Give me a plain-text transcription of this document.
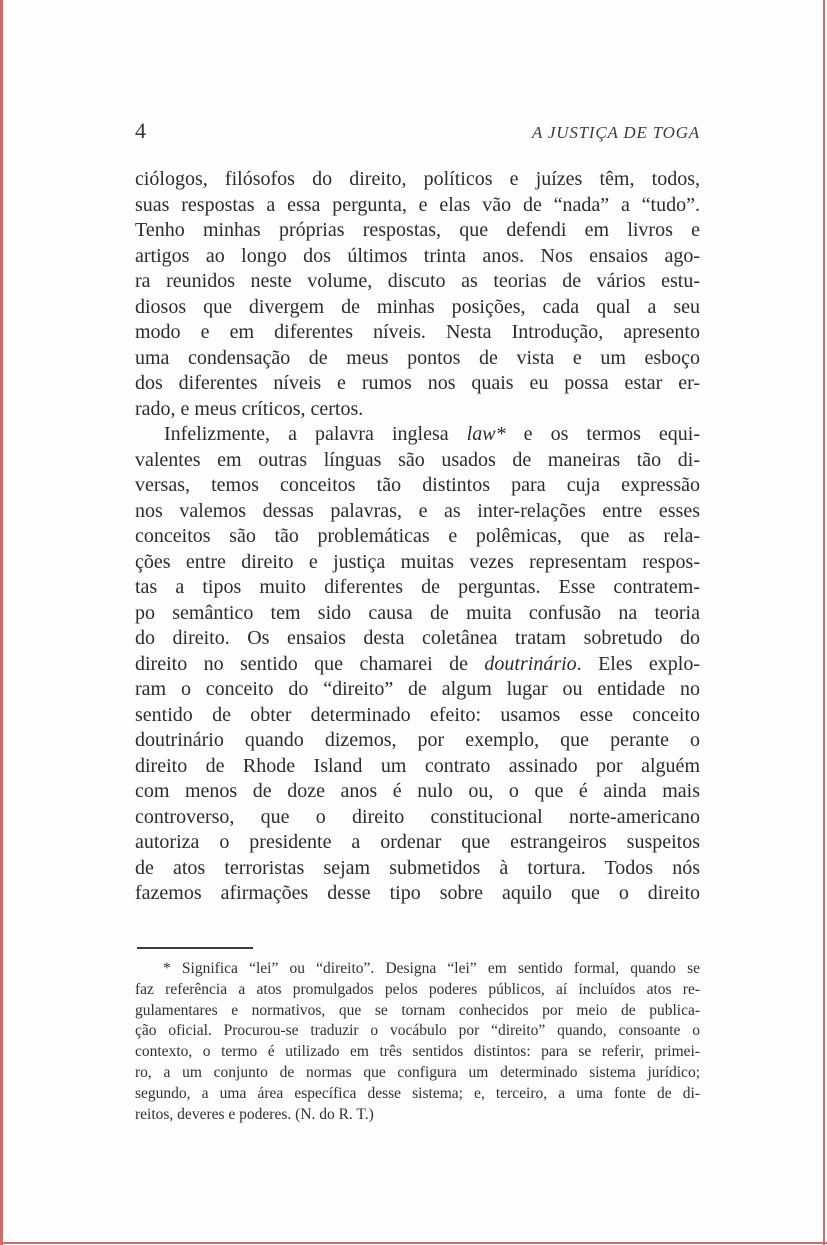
4	A JUSTIÇA DE TOGA
ciólogos, filósofos do direito, políticos e juízes têm, todos,
suas respostas a essa pergunta, e elas vão de “nada” a “tudo”.
Tenho minhas próprias respostas, que defendi em livros e
artigos ao longo dos últimos trinta anos. Nos ensaios ago-
ra reunidos neste volume, discuto as teorias de vários estu-
diosos que divergem de minhas posições, cada qual a seu
modo e em diferentes níveis. Nesta Introdução, apresento
uma condensação de meus pontos de vista e um esboço
dos diferentes níveis e rumos nos quais eu possa estar er-
rado, e meus críticos, certos.
Infelizmente, a palavra inglesa law* e os termos equi-
valentes em outras línguas são usados de maneiras tão di-
versas, temos conceitos tão distintos para cuja expressão
nos valemos dessas palavras, e as inter-relações entre esses
conceitos são tão problemáticas e polêmicas, que as rela-
ções entre direito e justiça muitas vezes representam respos-
tas a tipos muito diferentes de perguntas. Esse contratem-
po semântico tem sido causa de muita confusão na teoria
do direito. Os ensaios desta coletânea tratam sobretudo do
direito no sentido que chamarei de doutrinário. Eles explo-
ram o conceito do “direito” de algum lugar ou entidade no
sentido de obter determinado efeito: usamos esse conceito
doutrinário quando dizemos, por exemplo, que perante o
direito de Rhode Island um contrato assinado por alguém
com menos de doze anos é nulo ou, o que é ainda mais
controverso, que o direito constitucional norte-americano
autoriza o presidente a ordenar que estrangeiros suspeitos
de atos terroristas sejam submetidos à tortura. Todos nós
fazemos afirmações desse tipo sobre aquilo que o direito
* Significa “lei” ou “direito”. Designa “lei” em sentido formal, quando se
faz referência a atos promulgados pelos poderes públicos, aí incluídos atos re-
gulamentares e normativos, que se tornam conhecidos por meio de publica-
ção oficial. Procurou-se traduzir o vocábulo por “direito” quando, consoante o
contexto, o termo é utilizado em três sentidos distintos: para se referir, primei-
ro, a um conjunto de normas que configura um determinado sistema jurídico;
segundo, a uma área específica desse sistema; e, terceiro, a uma fonte de di-
reitos, deveres e poderes. (N. do R. T.)
